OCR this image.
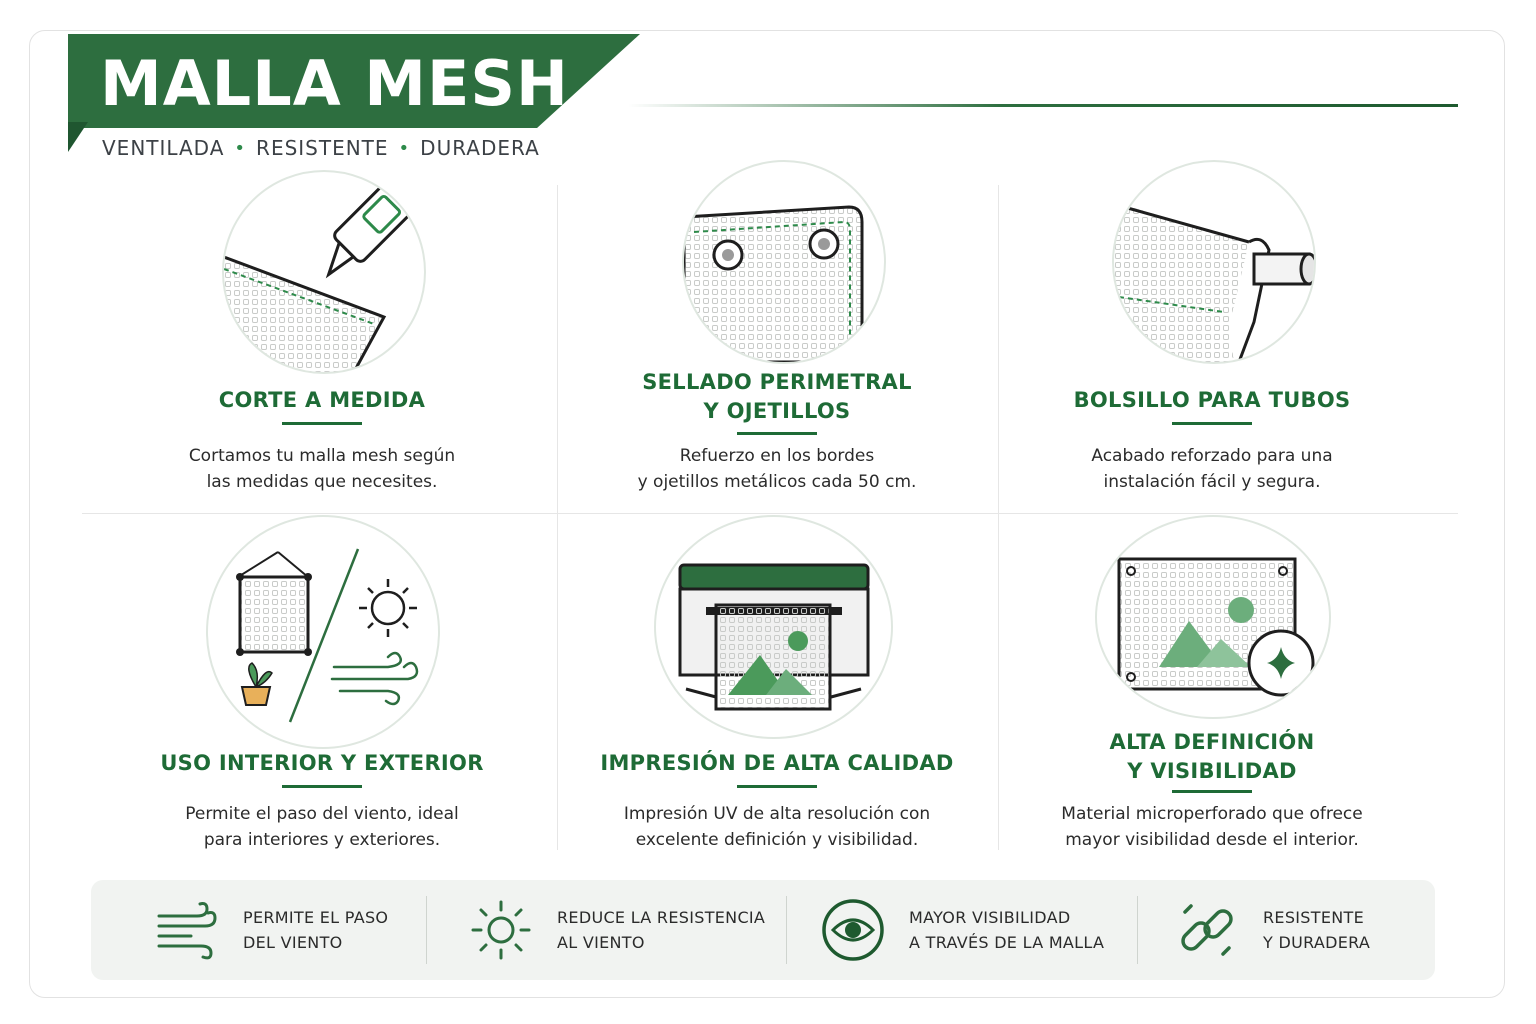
MALLA MESH
VENTILADA • RESISTENTE • DURADERA
CORTE A MEDIDA

Cortamos tu malla mesh según
las medidas que necesites.

SELLADO PERIMETRAL
Y OJETILLOS

Refuerzo en los bordes
y ojetillos metálicos cada 50 cm.

BOLSILLO PARA TUBOS

Acabado reforzado para una
instalación fácil y segura.

USO INTERIOR Y EXTERIOR

Permite el paso del viento, ideal
para interiores y exteriores.

IMPRESIÓN DE ALTA CALIDAD

Impresión UV de alta resolución con
excelente definición y visibilidad.

ALTA DEFINICIÓN
Y VISIBILIDAD

Material microperforado que ofrece
mayor visibilidad desde el interior.

PERMITE EL PASO
DEL VIENTO
REDUCE LA RESISTENCIA
AL VIENTO
MAYOR VISIBILIDAD
A TRAVÉS DE LA MALLA
RESISTENTE
Y DURADERA
